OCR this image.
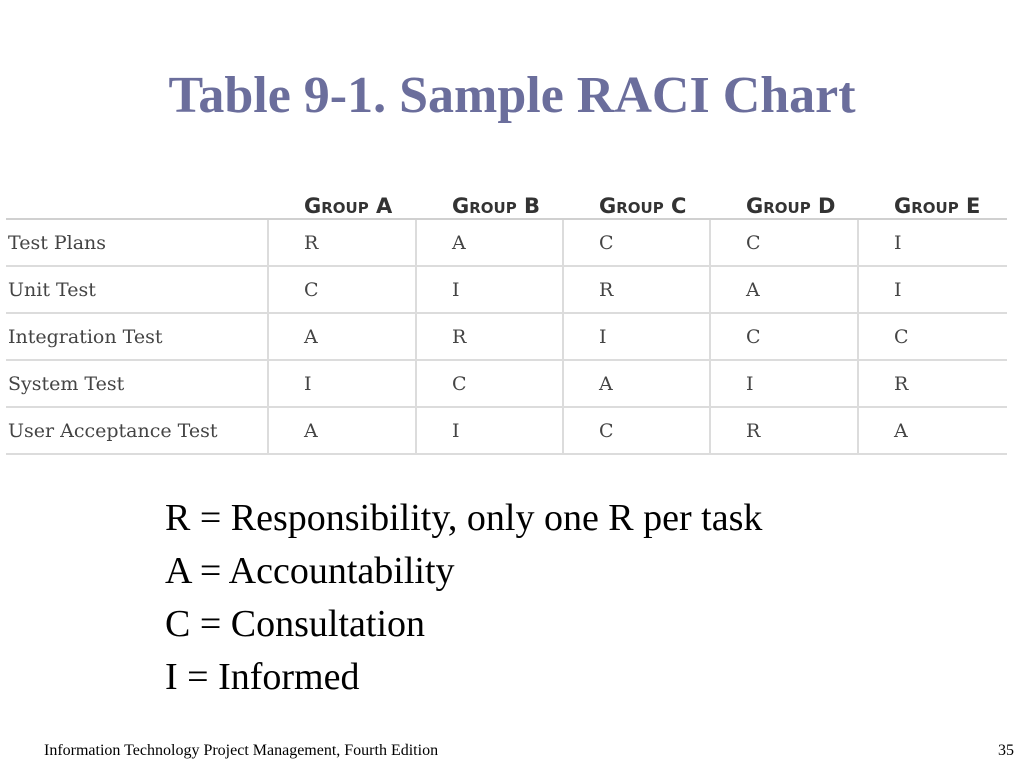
Table 9-1. Sample RACI Chart
	Group A	Group B	Group C	Group D	Group E
Test Plans	R	A	C	C	I
Unit Test	C	I	R	A	I
Integration Test	A	R	I	C	C
System Test	I	C	A	I	R
User Acceptance Test	A	I	C	R	A
R = Responsibility, only one R per task
A = Accountability
C = Consultation
I = Informed
Information Technology Project Management, Fourth Edition	35
